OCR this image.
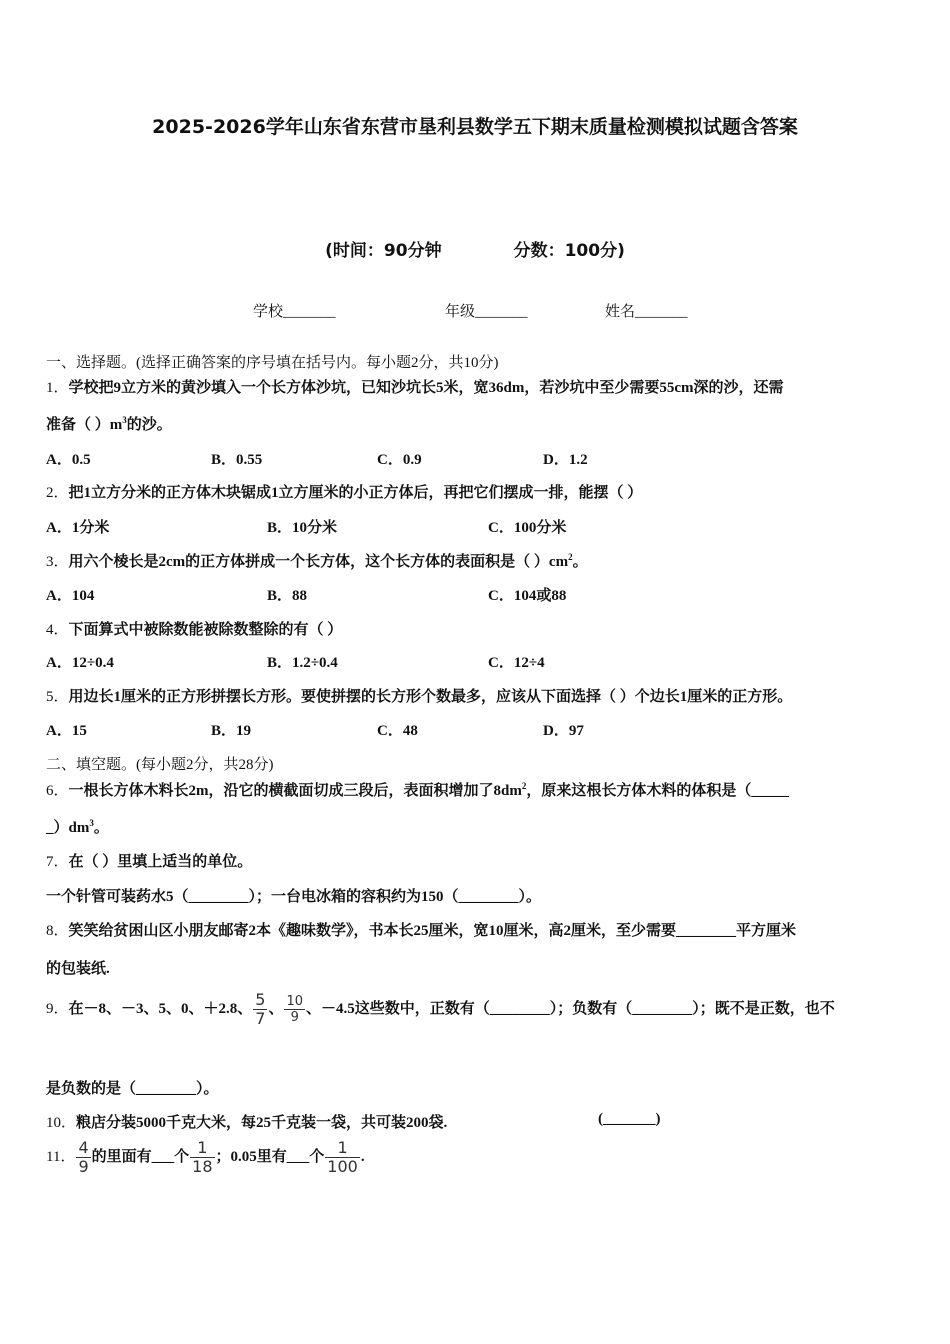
2025-2026学年山东省东营市垦利县数学五下期末质量检测模拟试题含答案
(时间：90分钟	分数：100分)
学校_______	年级_______	姓名_______
一、选择题。(选择正确答案的序号填在括号内。每小题2分，共10分)
1．学校把9立方米的黄沙填入一个长方体沙坑，已知沙坑长5米，宽36dm，若沙坑中至少需要55cm深的沙，还需
准备（ ）$m^3$的沙。
A．0.5	B．0.55	C．0.9	D．1.2
2．把1立方分米的正方体木块锯成1立方厘米的小正方体后，再把它们摆成一排，能摆（ ）
A．1分米	B．10分米	C．100分米
3．用六个棱长是2cm的正方体拼成一个长方体，这个长方体的表面积是（ ）$cm^2$。
A．104	B．88	C．104或88
4．下面算式中被除数能被除数整除的有（ ）
A．12÷0.4	B．1.2÷0.4	C．12÷4
5．用边长1厘米的正方形拼摆长方形。要使拼摆的长方形个数最多，应该从下面选择（ ）个边长1厘米的正方形。
A．15	B．19	C．48	D．97
二、填空题。(每小题2分，共28分)
6．一根长方体木料长2m，沿它的横截面切成三段后，表面积增加了$8dm^2$，原来这根长方体木料的体积是（_____
$\_)dm^3$。
7．在（ ）里填上适当的单位。
一个针管可装药水5（________）；一台电冰箱的容积约为150（________）。
8．笑笑给贫困山区小朋友邮寄2本《趣味数学》，书本长25厘米，宽10厘米，高2厘米，至少需要________平方厘米
的包装纸.
9．在－8、－3、5、0、＋2.8、 $\frac{5}{7}$ 、 $\frac{10}{9}$ 、－4.5这些数中，正数有（________）；负数有（________）；既不是正数，也不
是负数的是（________）。
10．粮店分装5000千克大米，每25千克装一袋，共可装200袋.	(_______)
11． $\frac{4}{9}$ 的里面有___个 $\frac{1}{18}$ ；0.05里有___个 $\frac{1}{100}$ .
